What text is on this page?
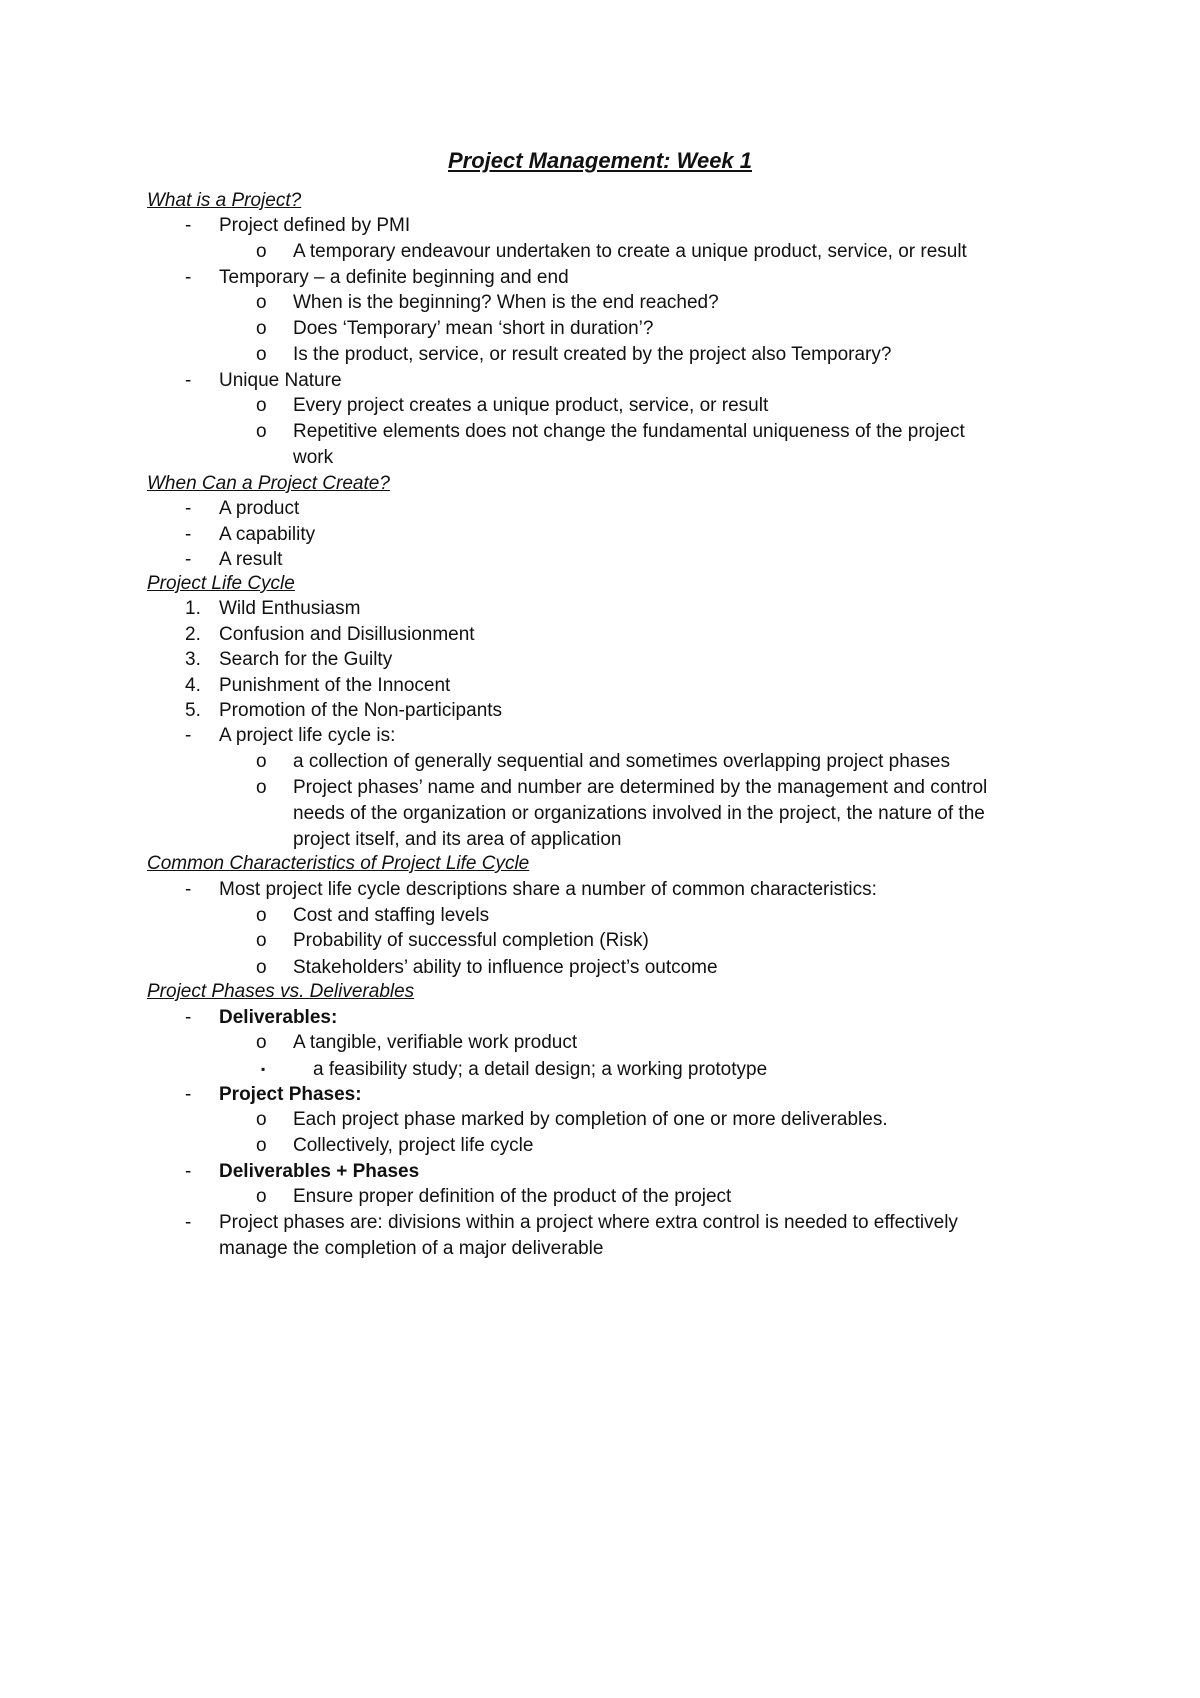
Project Management: Week 1
What is a Project?
- Project defined by PMI
o A temporary endeavour undertaken to create a unique product, service, or result
- Temporary – a definite beginning and end
o When is the beginning? When is the end reached?
o Does ‘Temporary’ mean ‘short in duration’?
o Is the product, service, or result created by the project also Temporary?
- Unique Nature
o Every project creates a unique product, service, or result
o Repetitive elements does not change the fundamental uniqueness of the project
work
When Can a Project Create?
- A product
- A capability
- A result
Project Life Cycle
1. Wild Enthusiasm
2. Confusion and Disillusionment
3. Search for the Guilty
4. Punishment of the Innocent
5. Promotion of the Non-participants
- A project life cycle is:
o a collection of generally sequential and sometimes overlapping project phases
o Project phases’ name and number are determined by the management and control
needs of the organization or organizations involved in the project, the nature of the
project itself, and its area of application
Common Characteristics of Project Life Cycle
- Most project life cycle descriptions share a number of common characteristics:
o Cost and staffing levels
o Probability of successful completion (Risk)
o Stakeholders’ ability to influence project’s outcome
Project Phases vs. Deliverables
- Deliverables:
o A tangible, verifiable work product
▪	a feasibility study; a detail design; a working prototype
- Project Phases:
o Each project phase marked by completion of one or more deliverables.
o Collectively, project life cycle
- Deliverables + Phases
o Ensure proper definition of the product of the project
- Project phases are: divisions within a project where extra control is needed to effectively
manage the completion of a major deliverable
